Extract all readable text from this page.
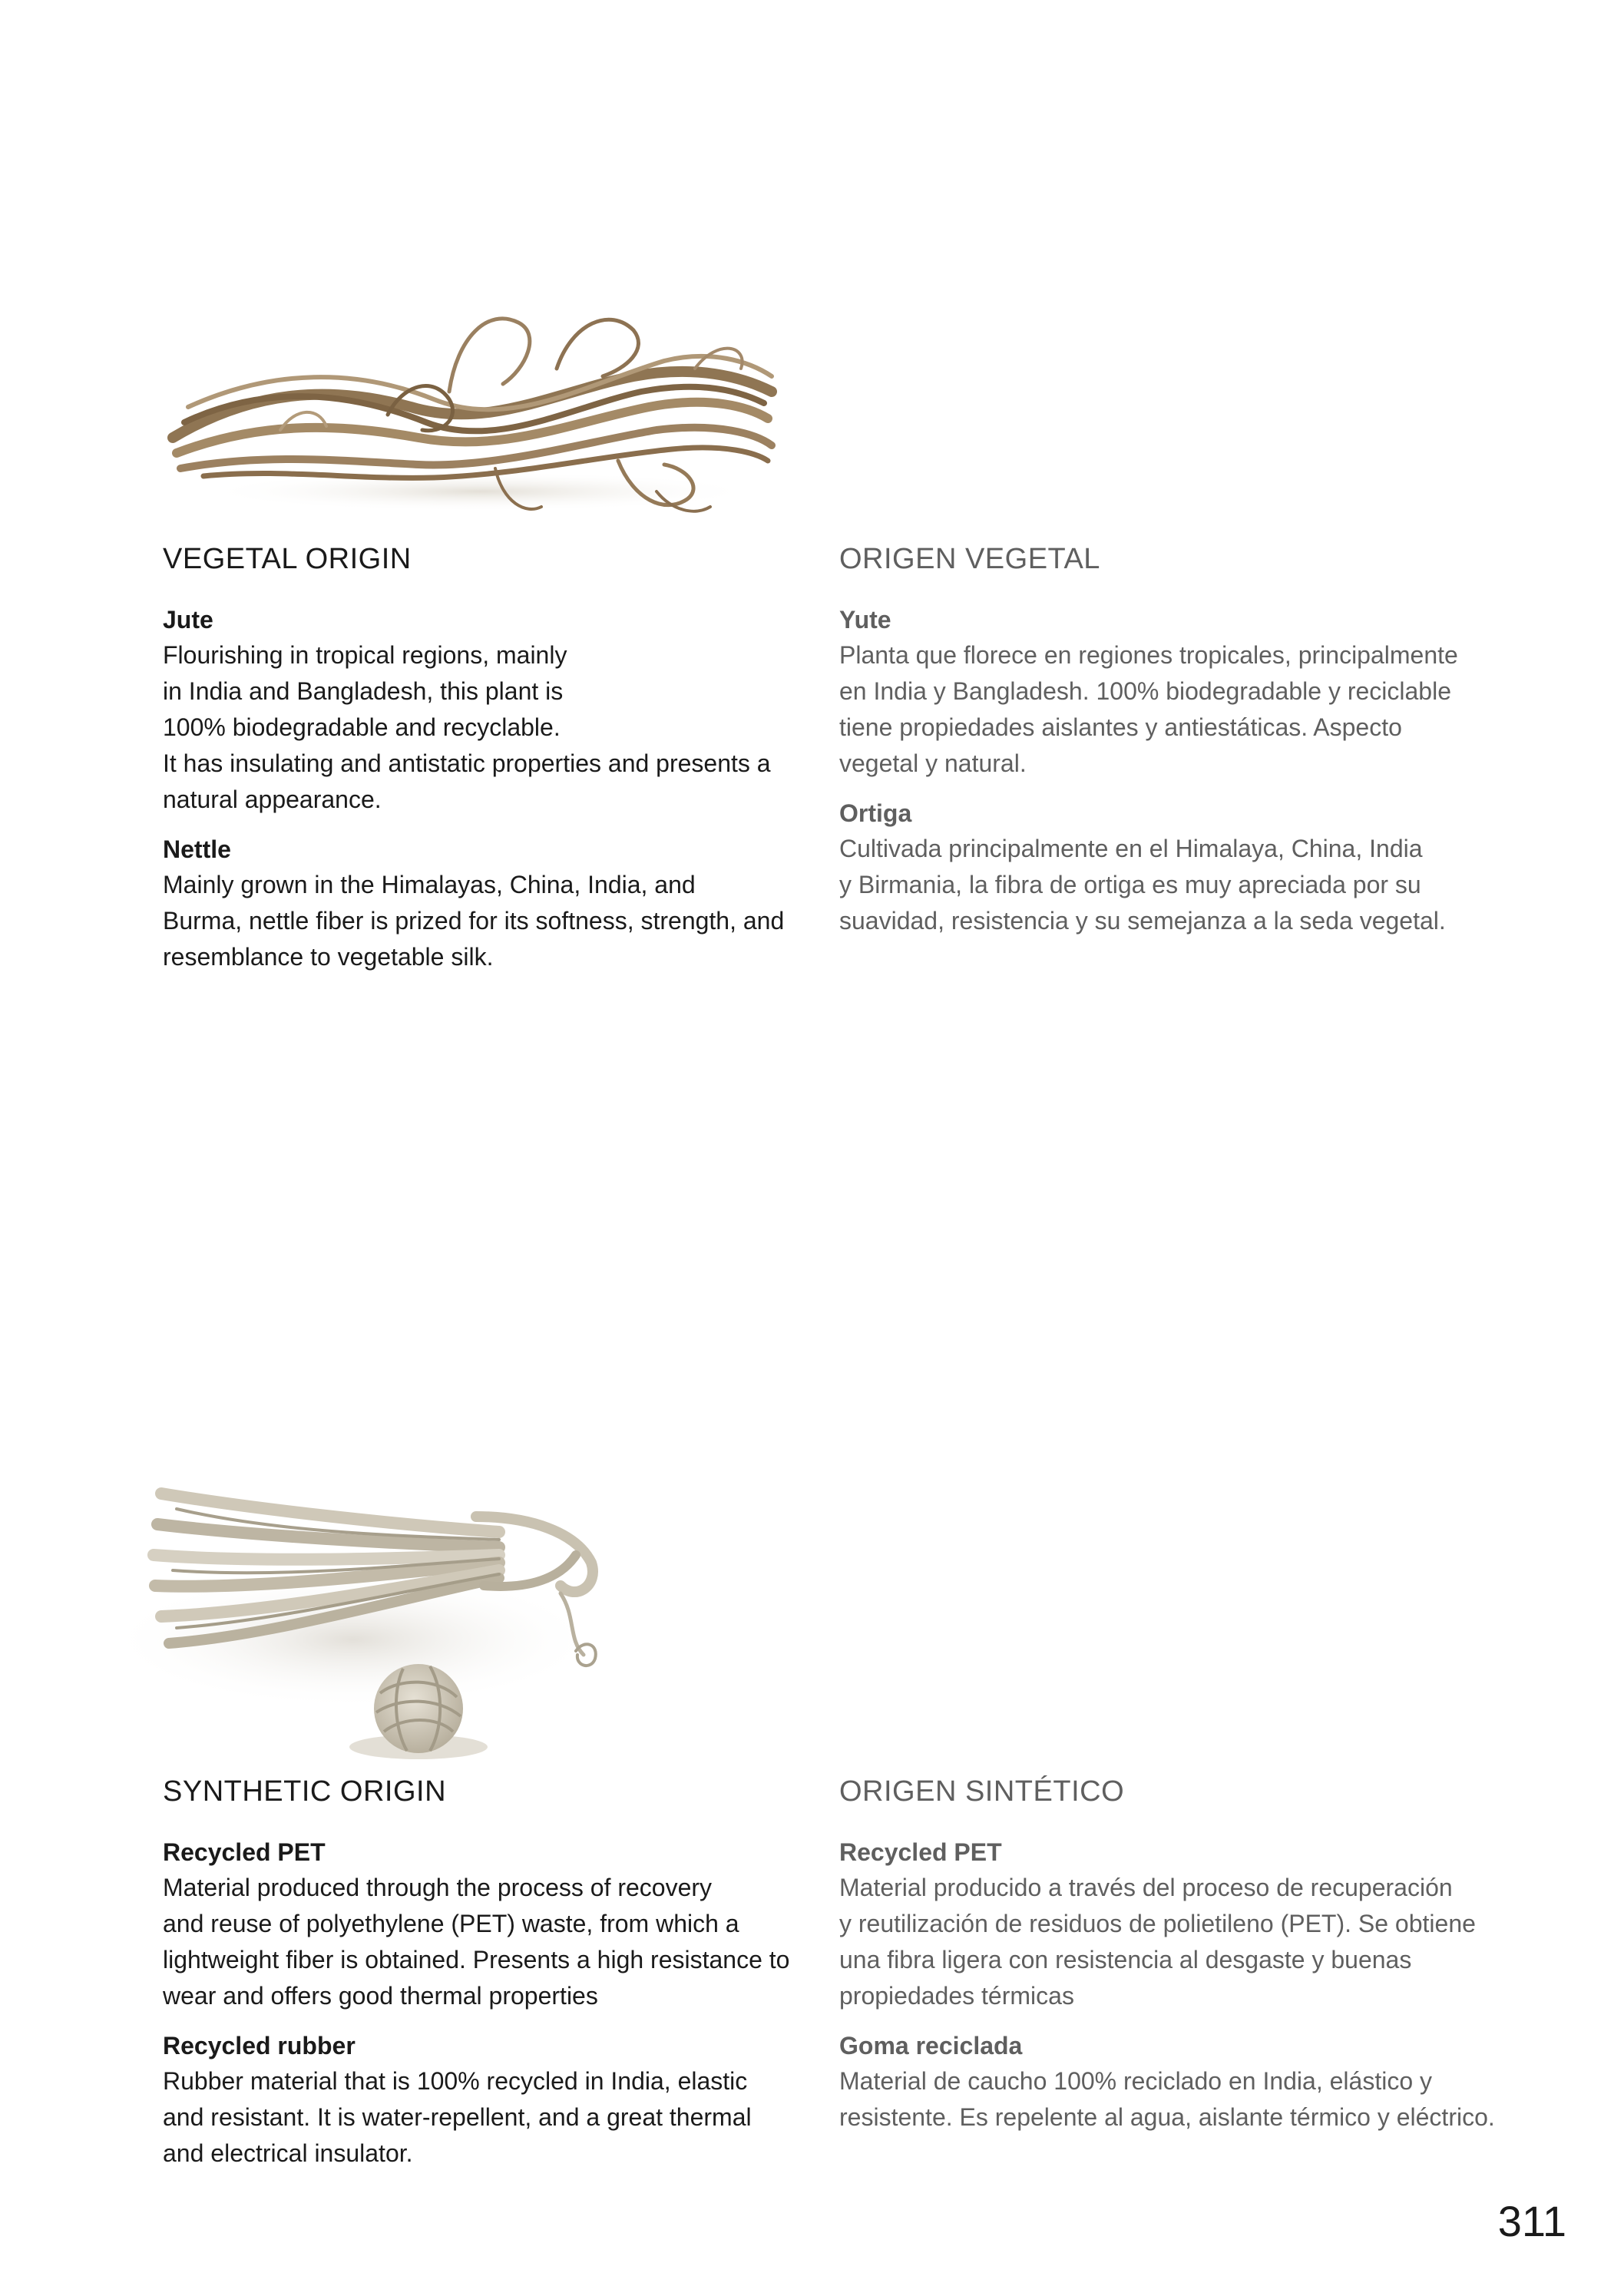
VEGETAL ORIGIN
Jute
Flourishing in tropical regions, mainly
in India and Bangladesh, this plant is
100% biodegradable and recyclable.
It has insulating and antistatic properties and presents a
natural appearance.
Nettle
Mainly grown in the Himalayas, China, India, and
Burma, nettle fiber is prized for its softness, strength, and
resemblance to vegetable silk.
ORIGEN VEGETAL
Yute
Planta que florece en regiones tropicales, principalmente
en India y Bangladesh. 100% biodegradable y reciclable
tiene propiedades aislantes y antiestáticas. Aspecto
vegetal y natural.
Ortiga
Cultivada principalmente en el Himalaya, China, India
y Birmania, la fibra de ortiga es muy apreciada por su
suavidad, resistencia y su semejanza a la seda vegetal.
SYNTHETIC ORIGIN
Recycled PET
Material produced through the process of recovery
and reuse of polyethylene (PET) waste, from which a
lightweight fiber is obtained. Presents a high resistance to
wear and offers good thermal properties
Recycled rubber
Rubber material that is 100% recycled in India, elastic
and resistant. It is water-repellent, and a great thermal
and electrical insulator.
ORIGEN SINTÉTICO
Recycled PET
Material producido a través del proceso de recuperación
y reutilización de residuos de polietileno (PET). Se obtiene
una fibra ligera con resistencia al desgaste y buenas
propiedades térmicas
Goma reciclada
Material de caucho 100% reciclado en India, elástico y
resistente. Es repelente al agua, aislante térmico y eléctrico.
311
